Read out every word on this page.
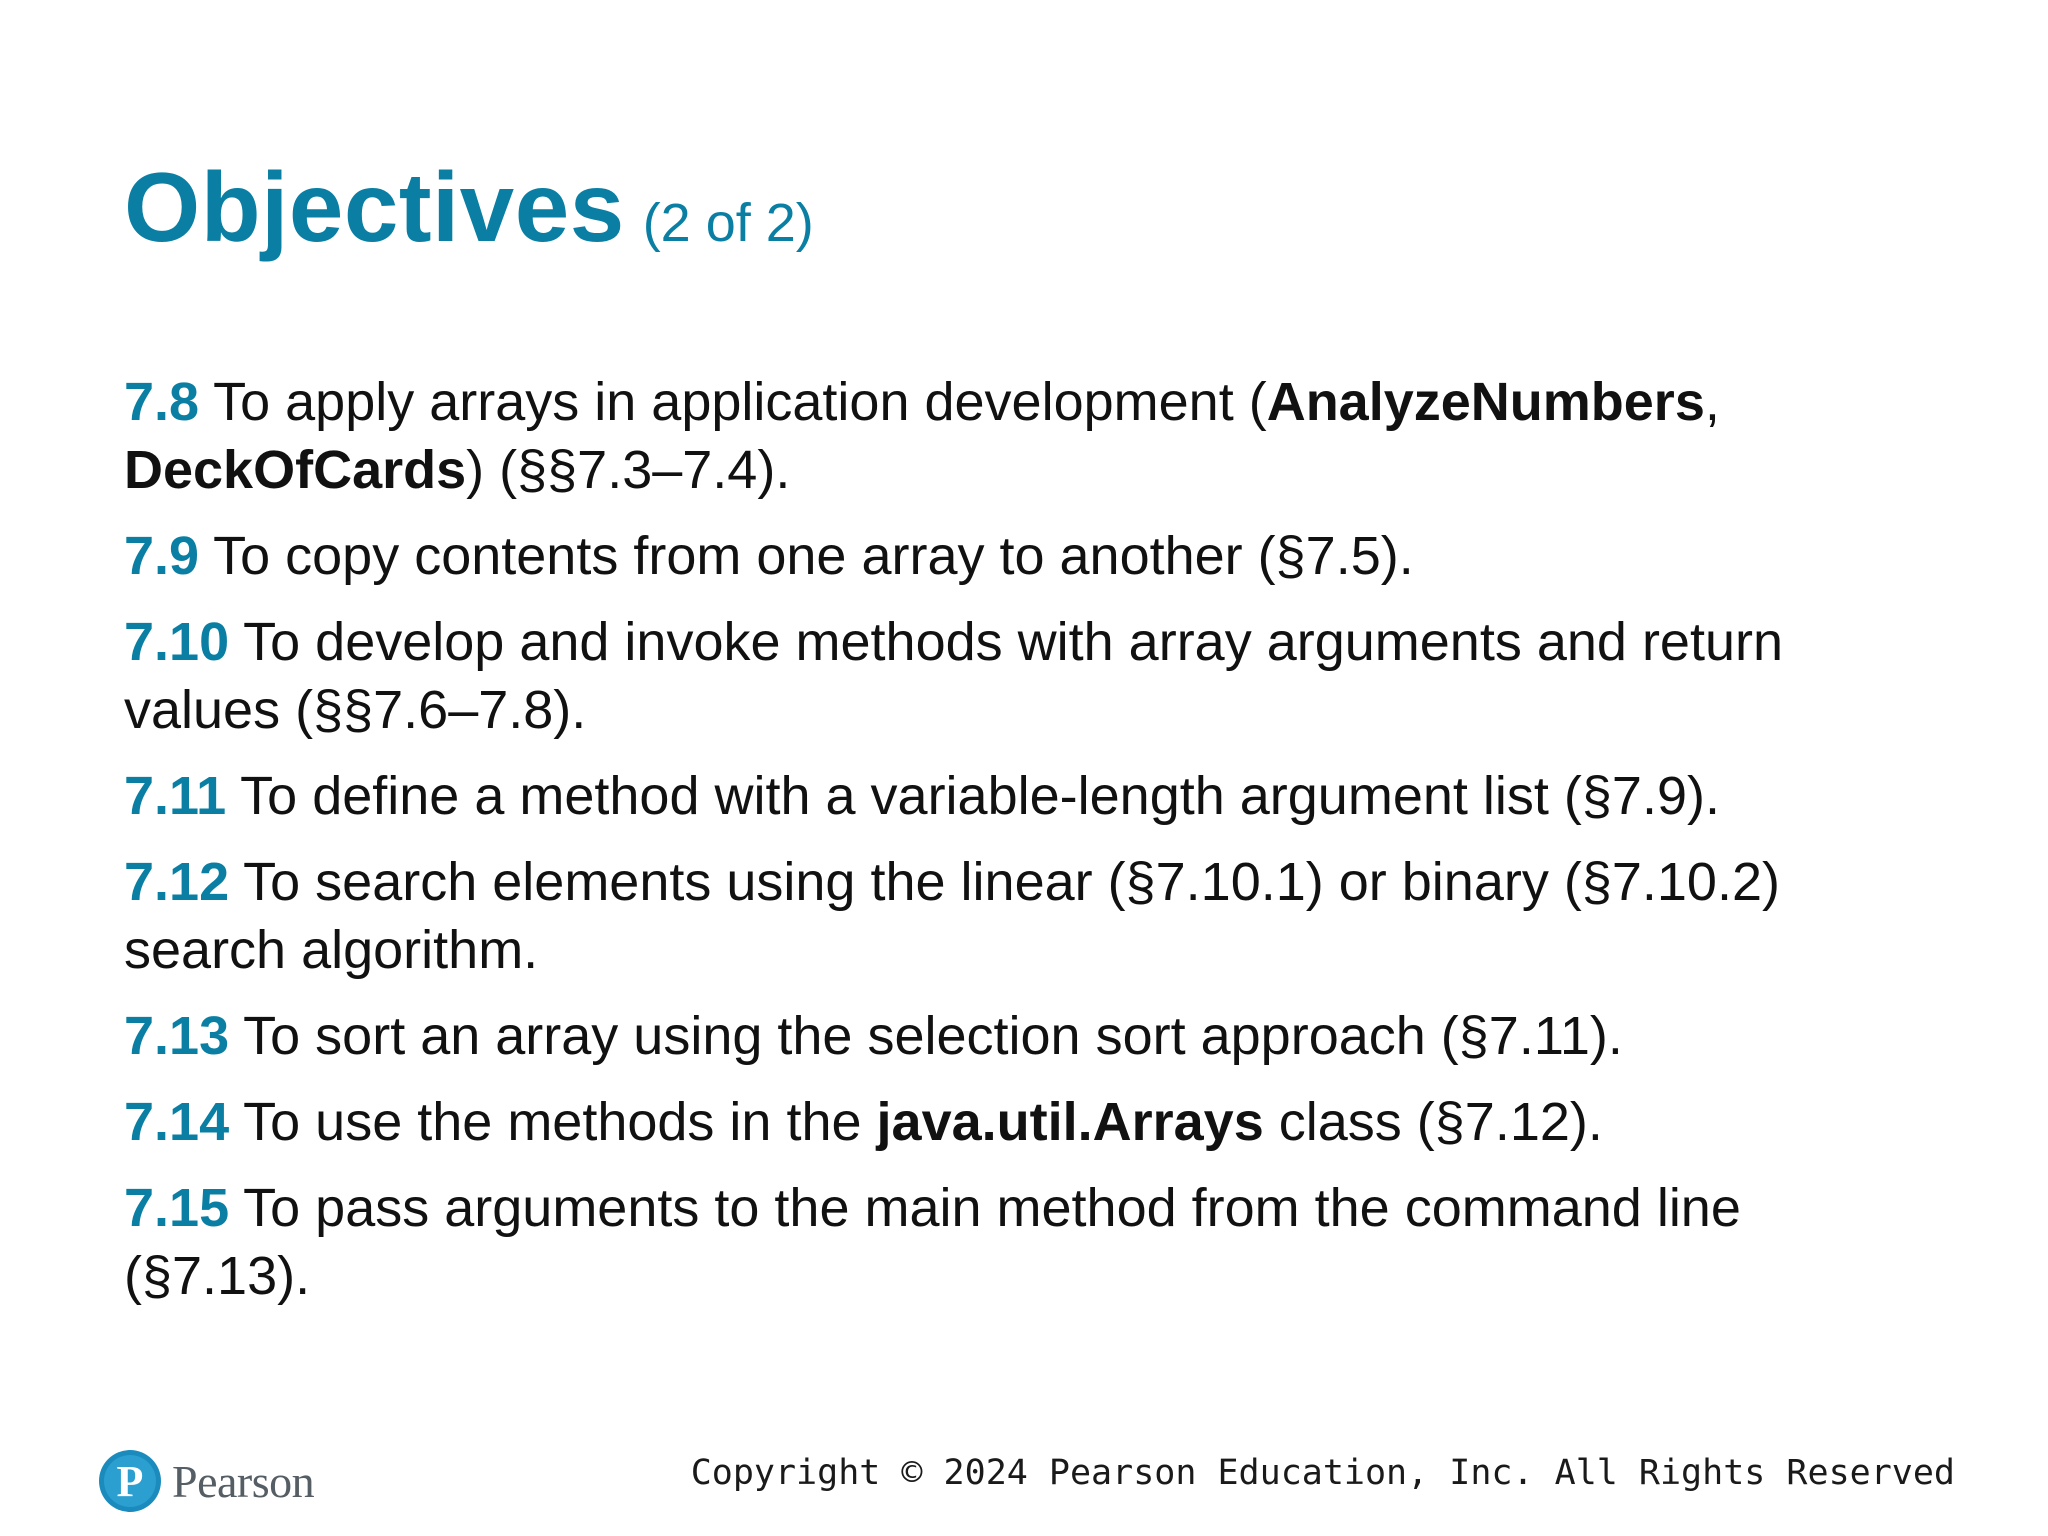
Objectives (2 of 2)
7.8 To apply arrays in application development (AnalyzeNumbers, DeckOfCards) (§§7.3–7.4).
7.9 To copy contents from one array to another (§7.5).
7.10 To develop and invoke methods with array arguments and return values (§§7.6–7.8).
7.11 To define a method with a variable-length argument list (§7.9).
7.12 To search elements using the linear (§7.10.1) or binary (§7.10.2) search algorithm.
7.13 To sort an array using the selection sort approach (§7.11).
7.14 To use the methods in the java.util.Arrays class (§7.12).
7.15 To pass arguments to the main method from the command line (§7.13).
P Pearson	Copyright © 2024 Pearson Education, Inc. All Rights Reserved
